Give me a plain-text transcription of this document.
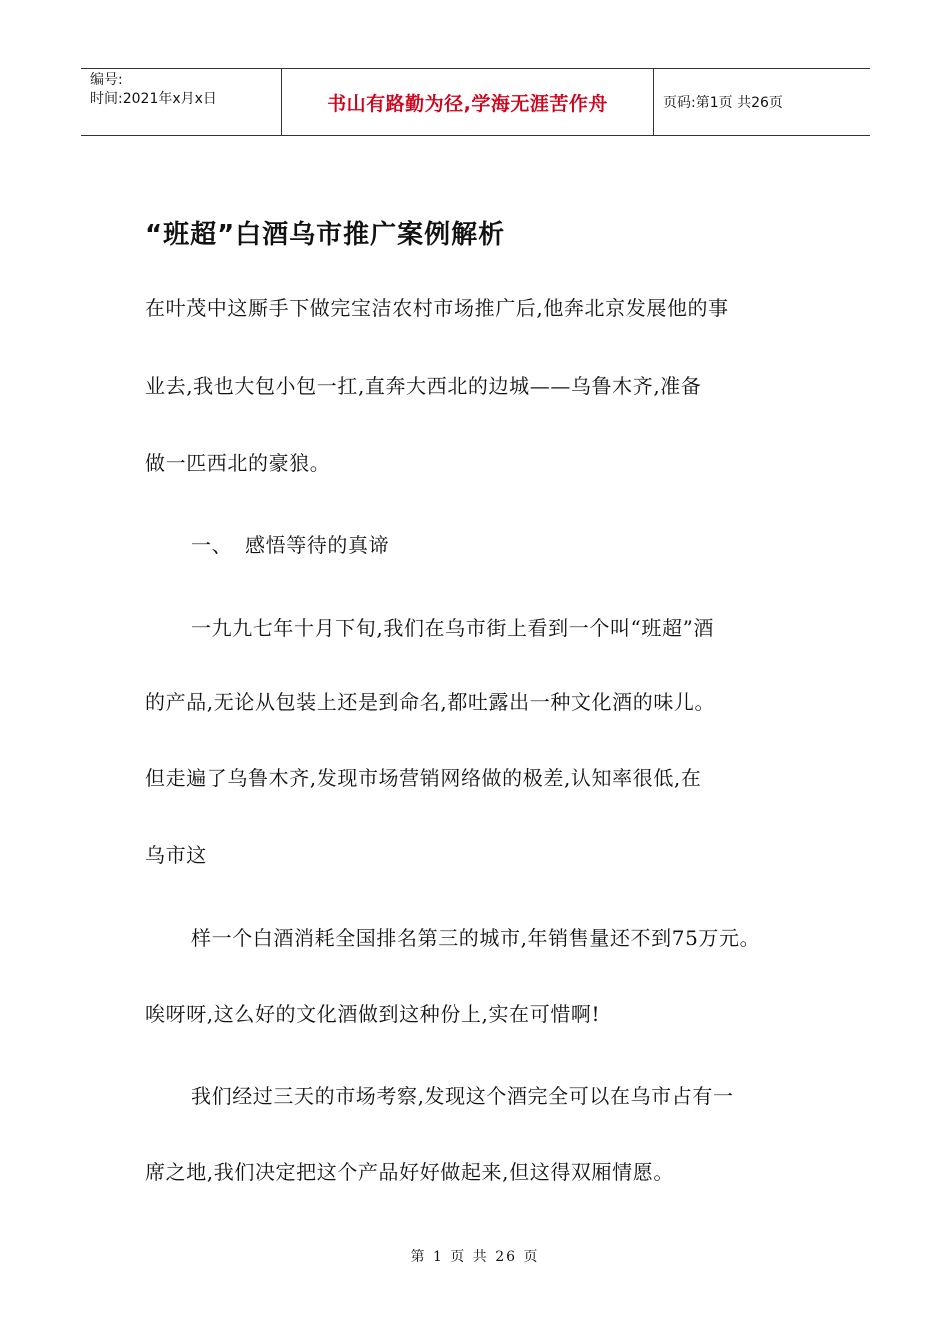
编号:
时间:2021年x月x日	书山有路勤为径,学海无涯苦作舟	页码:第1页 共26页
“班超”白酒乌市推广案例解析

在叶茂中这厮手下做完宝洁农村市场推广后,他奔北京发展他的事

业去,我也大包小包一扛,直奔大西北的边城——乌鲁木齐,准备

做一匹西北的豪狼。

一、 感悟等待的真谛

一九九七年十月下旬,我们在乌市街上看到一个叫“班超”酒

的产品,无论从包装上还是到命名,都吐露出一种文化酒的味儿。

但走遍了乌鲁木齐,发现市场营销网络做的极差,认知率很低,在

乌市这

样一个白酒消耗全国排名第三的城市,年销售量还不到75万元。

唉呀呀,这么好的文化酒做到这种份上,实在可惜啊!

我们经过三天的市场考察,发现这个酒完全可以在乌市占有一

席之地,我们决定把这个产品好好做起来,但这得双厢情愿。

第 1 页 共 26 页
